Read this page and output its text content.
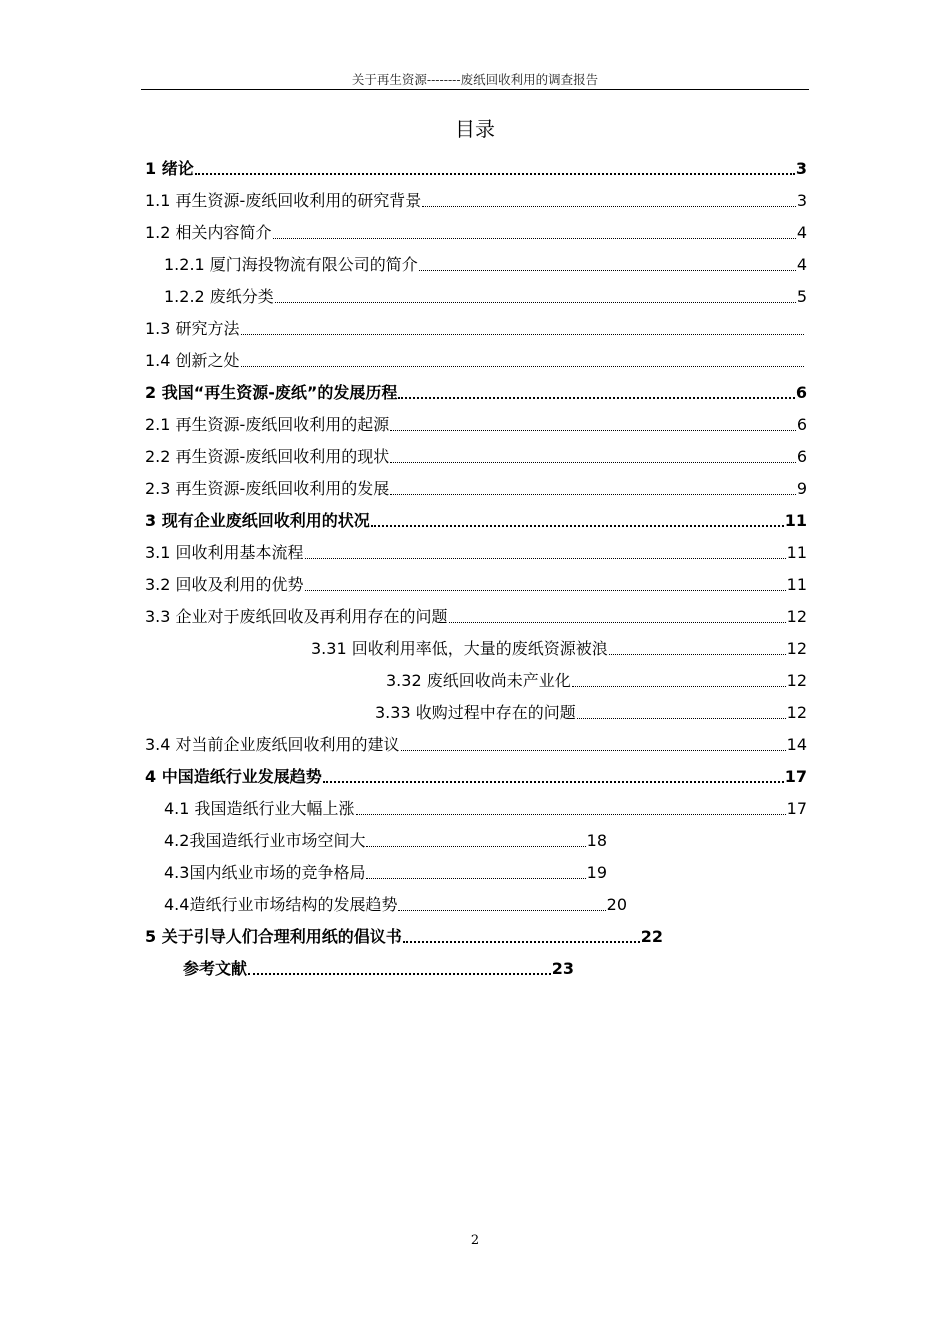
关于再生资源--------废纸回收利用的调查报告
目录
1 绪论	3
1.1 再生资源-废纸回收利用的研究背景	3
1.2 相关内容简介	4
1.2.1 厦门海投物流有限公司的简介	4
1.2.2 废纸分类	5
1.3 研究方法
1.4 创新之处
2 我国“再生资源-废纸”的发展历程	6
2.1 再生资源-废纸回收利用的起源	6
2.2 再生资源-废纸回收利用的现状	6
2.3 再生资源-废纸回收利用的发展	9
3 现有企业废纸回收利用的状况	11
3.1 回收利用基本流程	11
3.2 回收及利用的优势	11
3.3 企业对于废纸回收及再利用存在的问题	12
3.31 回收利用率低，大量的废纸资源被浪	12
3.32 废纸回收尚未产业化	12
3.33 收购过程中存在的问题	12
3.4 对当前企业废纸回收利用的建议	14
4 中国造纸行业发展趋势	17
4.1 我国造纸行业大幅上涨	17
4.2我国造纸行业市场空间大	18
4.3国内纸业市场的竞争格局	19
4.4造纸行业市场结构的发展趋势	20
5 关于引导人们合理利用纸的倡议书	22
参考文献	23
2
